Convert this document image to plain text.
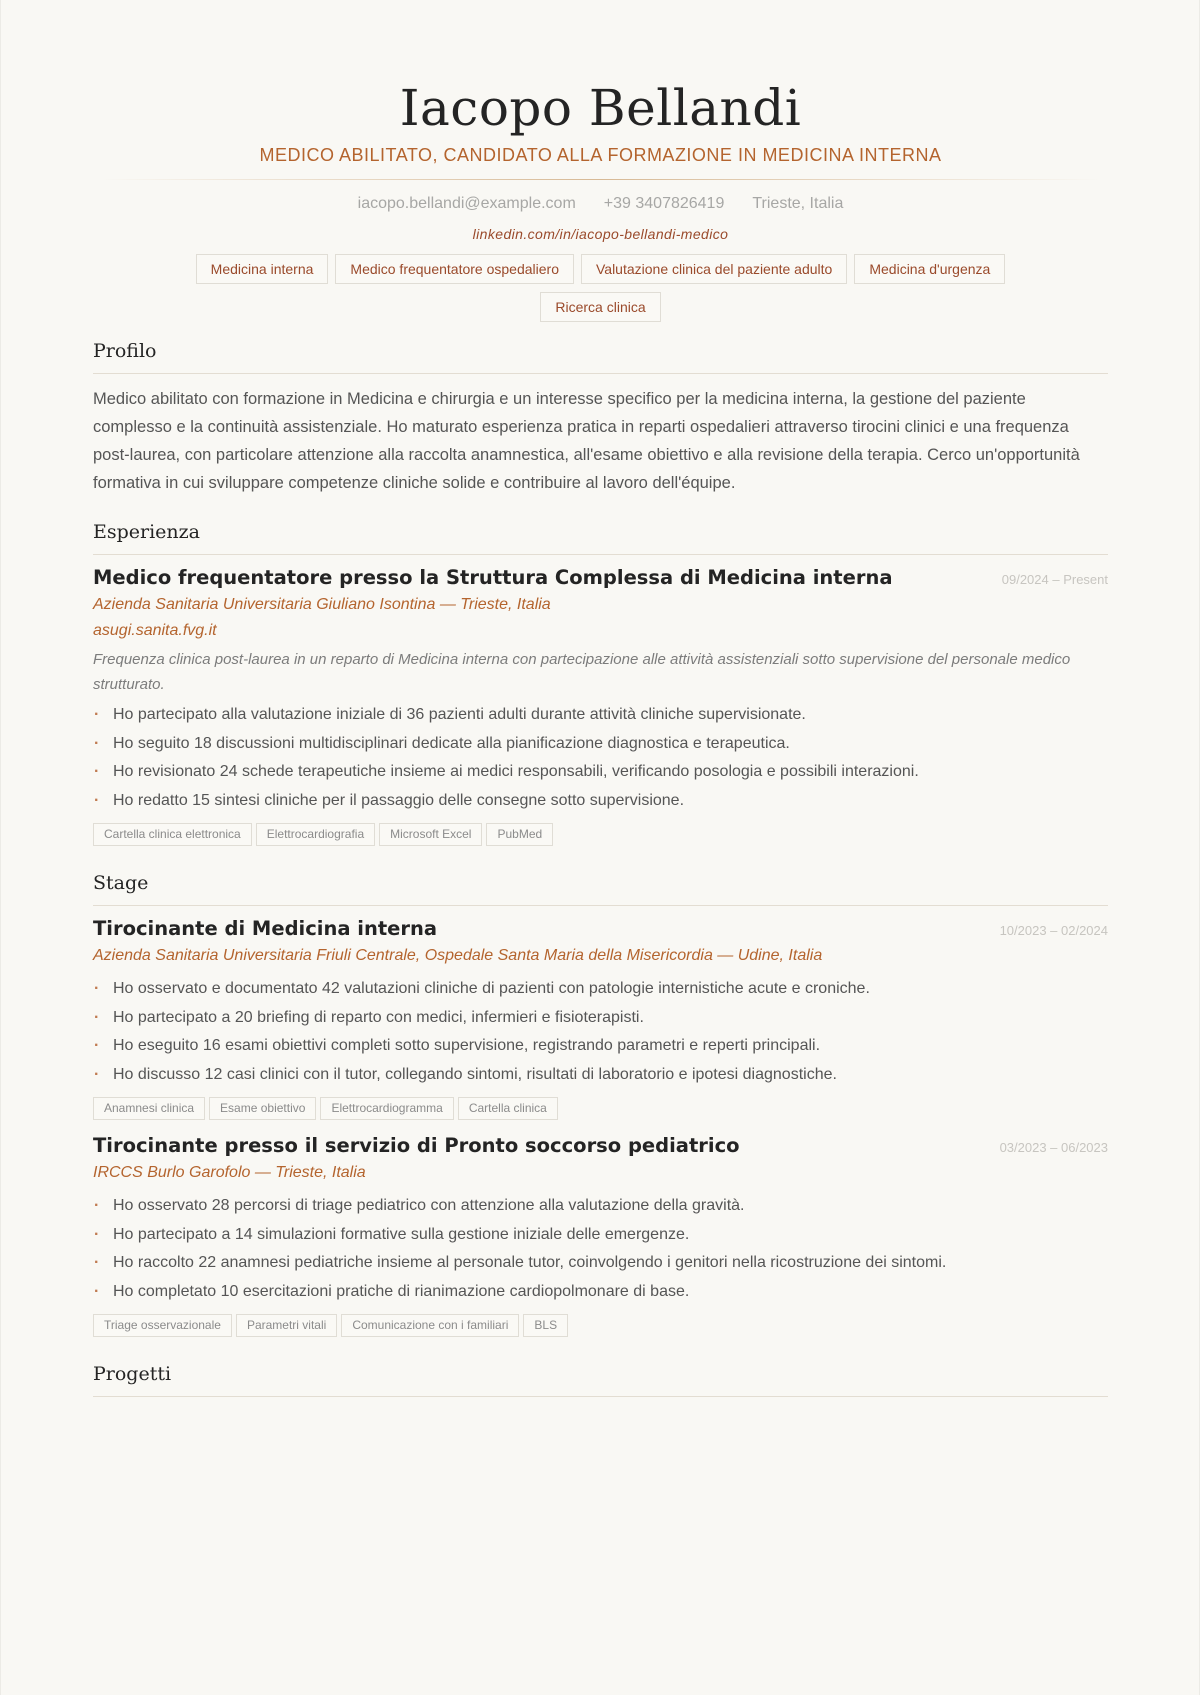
Iacopo Bellandi
MEDICO ABILITATO, CANDIDATO ALLA FORMAZIONE IN MEDICINA INTERNA
iacopo.bellandi@example.com +39 3407826419 Trieste, Italia
linkedin.com/in/iacopo-bellandi-medico
Medicina interna	Medico frequentatore ospedaliero	Valutazione clinica del paziente adulto	Medicina d'urgenza
Ricerca clinica
Profilo
Medico abilitato con formazione in Medicina e chirurgia e un interesse specifico per la medicina interna, la gestione del paziente complesso e la continuità assistenziale. Ho maturato esperienza pratica in reparti ospedalieri attraverso tirocini clinici e una frequenza post-laurea, con particolare attenzione alla raccolta anamnestica, all'esame obiettivo e alla revisione della terapia. Cerco un'opportunità formativa in cui sviluppare competenze cliniche solide e contribuire al lavoro dell'équipe.
Esperienza
Medico frequentatore presso la Struttura Complessa di Medicina interna	09/2024 – Present
Azienda Sanitaria Universitaria Giuliano Isontina — Trieste, Italia
asugi.sanita.fvg.it
Frequenza clinica post-laurea in un reparto di Medicina interna con partecipazione alle attività assistenziali sotto supervisione del personale medico strutturato.
· Ho partecipato alla valutazione iniziale di 36 pazienti adulti durante attività cliniche supervisionate.
· Ho seguito 18 discussioni multidisciplinari dedicate alla pianificazione diagnostica e terapeutica.
· Ho revisionato 24 schede terapeutiche insieme ai medici responsabili, verificando posologia e possibili interazioni.
· Ho redatto 15 sintesi cliniche per il passaggio delle consegne sotto supervisione.
Cartella clinica elettronica	Elettrocardiografia	Microsoft Excel	PubMed
Stage
Tirocinante di Medicina interna	10/2023 – 02/2024
Azienda Sanitaria Universitaria Friuli Centrale, Ospedale Santa Maria della Misericordia — Udine, Italia
· Ho osservato e documentato 42 valutazioni cliniche di pazienti con patologie internistiche acute e croniche.
· Ho partecipato a 20 briefing di reparto con medici, infermieri e fisioterapisti.
· Ho eseguito 16 esami obiettivi completi sotto supervisione, registrando parametri e reperti principali.
· Ho discusso 12 casi clinici con il tutor, collegando sintomi, risultati di laboratorio e ipotesi diagnostiche.
Anamnesi clinica	Esame obiettivo	Elettrocardiogramma	Cartella clinica
Tirocinante presso il servizio di Pronto soccorso pediatrico	03/2023 – 06/2023
IRCCS Burlo Garofolo — Trieste, Italia
· Ho osservato 28 percorsi di triage pediatrico con attenzione alla valutazione della gravità.
· Ho partecipato a 14 simulazioni formative sulla gestione iniziale delle emergenze.
· Ho raccolto 22 anamnesi pediatriche insieme al personale tutor, coinvolgendo i genitori nella ricostruzione dei sintomi.
· Ho completato 10 esercitazioni pratiche di rianimazione cardiopolmonare di base.
Triage osservazionale	Parametri vitali	Comunicazione con i familiari	BLS
Progetti
